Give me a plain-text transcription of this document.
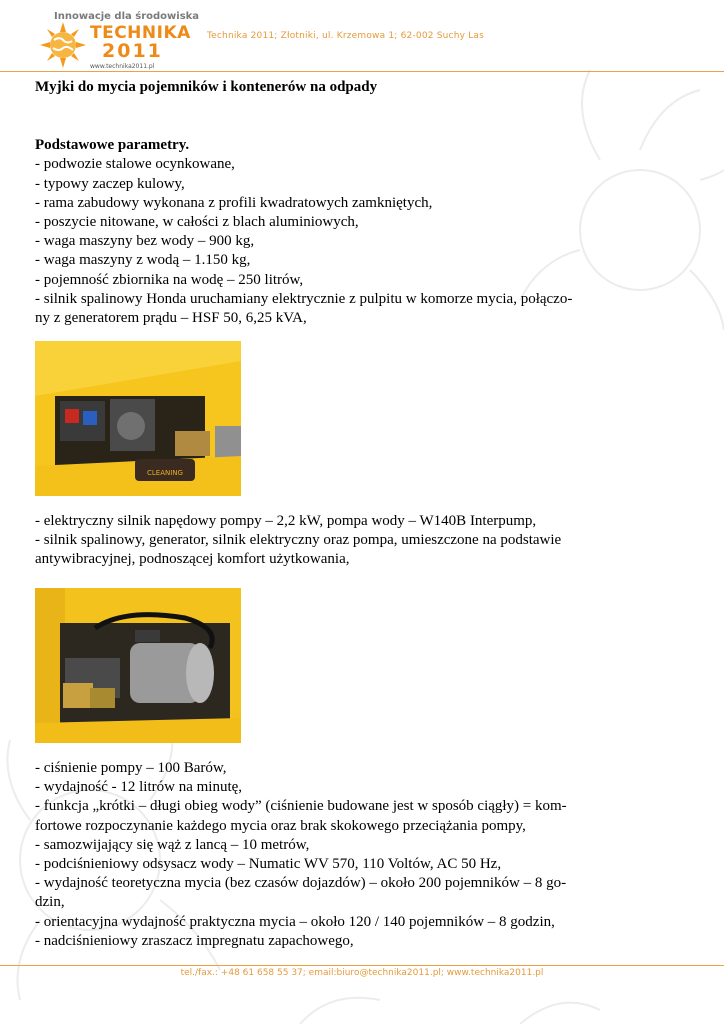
Innowacje dla środowiska
TECHNIKA
2011
www.technika2011.pl
Technika 2011; Złotniki, ul. Krzemowa 1; 62-002 Suchy Las

Myjki do mycia pojemników i kontenerów na odpady

Podstawowe parametry.
- podwozie stalowe ocynkowane,
- typowy zaczep kulowy,
- rama zabudowy wykonana z profili kwadratowych zamkniętych,
- poszycie nitowane, w całości z blach aluminiowych,
- waga maszyny bez wody – 900 kg,
- waga maszyny z wodą – 1.150 kg,
- pojemność zbiornika na wodę – 250 litrów,
- silnik spalinowy Honda uruchamiany elektrycznie z pulpitu w komorze mycia, połączo-
ny z generatorem prądu – HSF 50, 6,25 kVA,
CLEANING
- elektryczny silnik napędowy pompy – 2,2 kW, pompa wody – W140B Interpump,
- silnik spalinowy, generator, silnik elektryczny oraz pompa, umieszczone na podstawie
antywibracyjnej, podnoszącej komfort użytkowania,
- ciśnienie pompy – 100 Barów,
- wydajność - 12 litrów na minutę,
- funkcja „krótki – długi obieg wody” (ciśnienie budowane jest w sposób ciągły) = kom-
fortowe rozpoczynanie każdego mycia oraz brak skokowego przeciążania pompy,
- samozwijający się wąż z lancą – 10 metrów,
- podciśnieniowy odsysacz wody – Numatic WV 570, 110 Voltów, AC 50 Hz,
- wydajność teoretyczna mycia (bez czasów dojazdów) – około 200 pojemników – 8 go-
dzin,
- orientacyjna wydajność praktyczna mycia – około 120 / 140 pojemników – 8 godzin,
- nadciśnieniowy zraszacz impregnatu zapachowego,
tel./fax.: +48 61 658 55 37; email:biuro@technika2011.pl; www.technika2011.pl
